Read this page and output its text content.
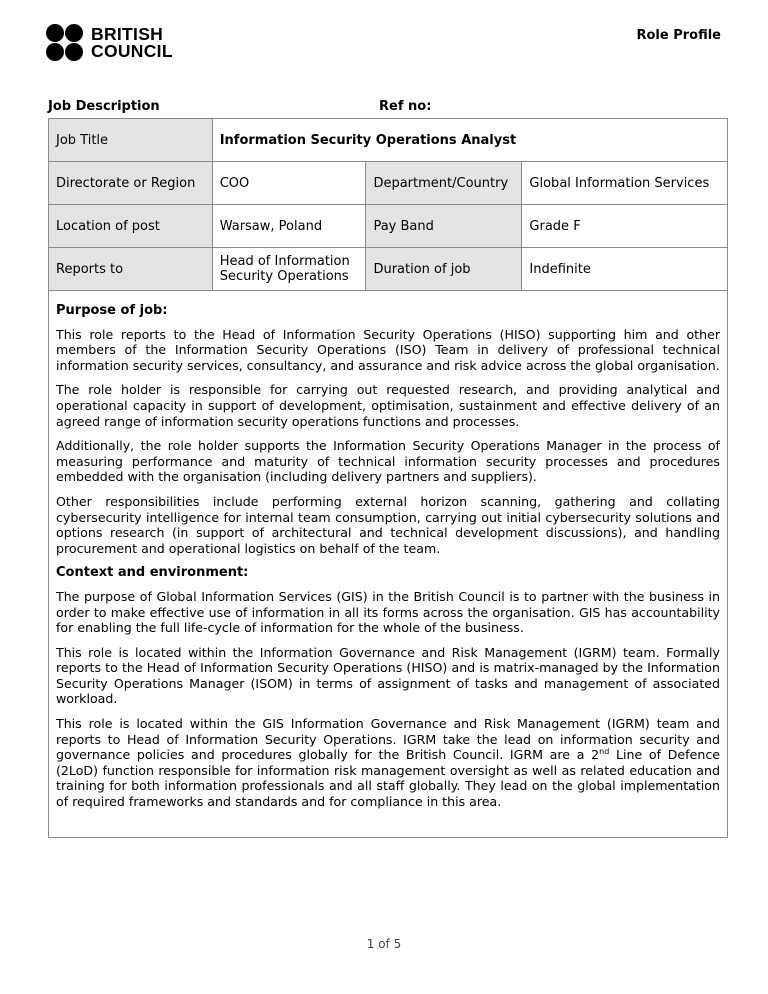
BRITISH
COUNCIL
Role Profile
Job Description	Ref no:
Job Title	Information Security Operations Analyst		
Directorate or Region	COO	Department/Country	Global Information Services
Location of post	Warsaw, Poland	Pay Band	Grade F
Reports to	Head of Information Security Operations	Duration of job	Indefinite
Purpose of job:

This role reports to the Head of Information Security Operations (HISO) supporting him and other members of the Information Security Operations (ISO) Team in delivery of professional technical information security services, consultancy, and assurance and risk advice across the global organisation.

The role holder is responsible for carrying out requested research, and providing analytical and operational capacity in support of development, optimisation, sustainment and effective delivery of an agreed range of information security operations functions and processes.

Additionally, the role holder supports the Information Security Operations Manager in the process of measuring performance and maturity of technical information security processes and procedures embedded with the organisation (including delivery partners and suppliers).

Other responsibilities include performing external horizon scanning, gathering and collating cybersecurity intelligence for internal team consumption, carrying out initial cybersecurity solutions and options research (in support of architectural and technical development discussions), and handling procurement and operational logistics on behalf of the team.

Context and environment:

The purpose of Global Information Services (GIS) in the British Council is to partner with the business in order to make effective use of information in all its forms across the organisation. GIS has accountability for enabling the full life-cycle of information for the whole of the business.

This role is located within the Information Governance and Risk Management (IGRM) team. Formally reports to the Head of Information Security Operations (HISO) and is matrix-managed by the Information Security Operations Manager (ISOM) in terms of assignment of tasks and management of associated workload.

This role is located within the GIS Information Governance and Risk Management (IGRM) team and reports to Head of Information Security Operations. IGRM take the lead on information security and governance policies and procedures globally for the British Council. IGRM are a 2nd Line of Defence (2LoD) function responsible for information risk management oversight as well as related education and training for both information professionals and all staff globally. They lead on the global implementation of required frameworks and standards and for compliance in this area.

1 of 5
